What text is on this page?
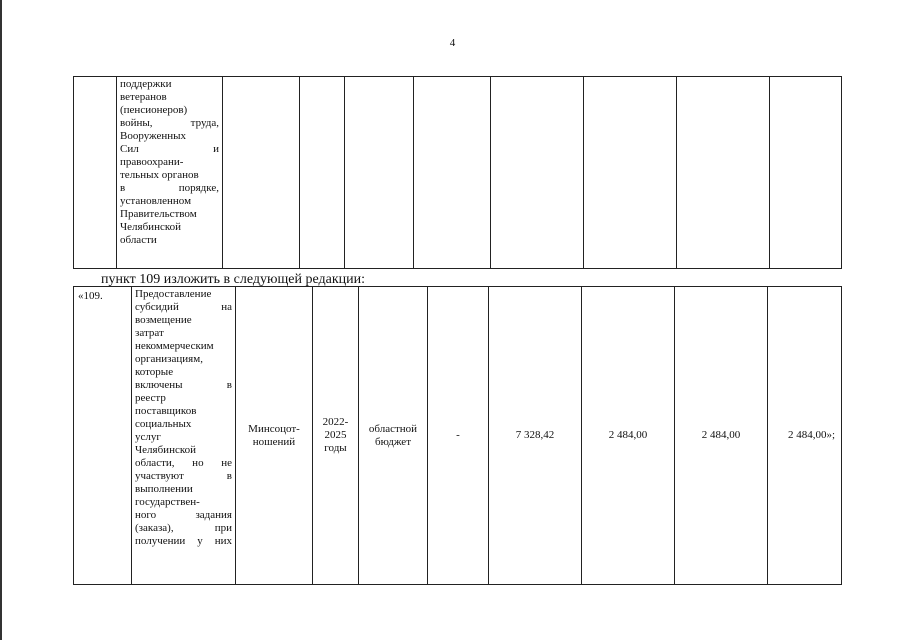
4

поддержки
ветеранов
(пенсионеров)
войны, труда,
Вооруженных
Сил и
правоохрани-
тельных органов
в порядке,
установленном
Правительством
Челябинской
области

пункт 109 изложить в следующей редакции:
«109.	Предоставление
субсидий на
возмещение
затрат
некоммерческим
организациям,
которые
включены в
реестр
поставщиков
социальных
услуг
Челябинской
области, но не
участвуют в
выполнении
государствен-
ного задания
(заказа), при
получении у них
	Минсоцот-
ношений	2022-
2025
годы	областной
бюджет	-	7 328,42	2 484,00	2 484,00	2 484,00»;
